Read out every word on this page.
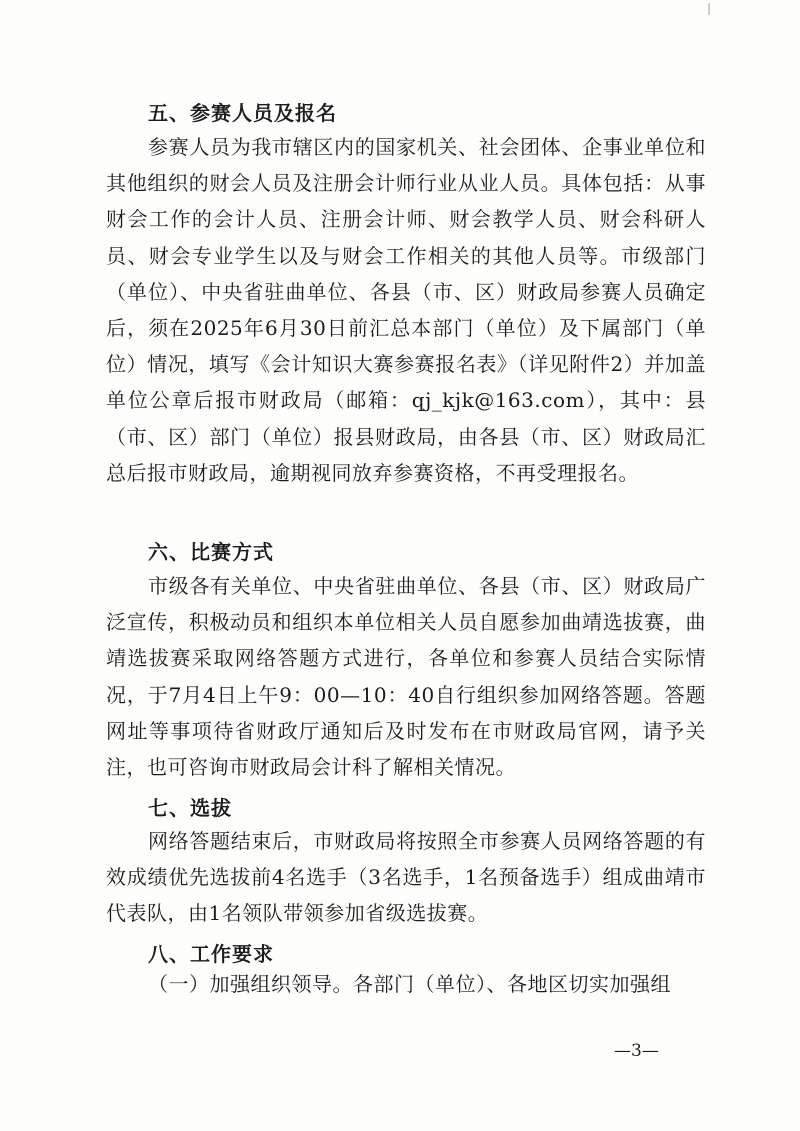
五、参赛人员及报名

参赛人员为我市辖区内的国家机关、社会团体、企事业单位和其他组织的财会人员及注册会计师行业从业人员。具体包括：从事财会工作的会计人员、注册会计师、财会教学人员、财会科研人员、财会专业学生以及与财会工作相关的其他人员等。市级部门（单位）、中央省驻曲单位、各县（市、区）财政局参赛人员确定后，须在2025年6月30日前汇总本部门（单位）及下属部门（单位）情况，填写《会计知识大赛参赛报名表》（详见附件2）并加盖单位公章后报市财政局（邮箱：qj_kjk@163.com），其中：县（市、区）部门（单位）报县财政局，由各县（市、区）财政局汇总后报市财政局，逾期视同放弃参赛资格，不再受理报名。

六、比赛方式

市级各有关单位、中央省驻曲单位、各县（市、区）财政局广泛宣传，积极动员和组织本单位相关人员自愿参加曲靖选拔赛，曲靖选拔赛采取网络答题方式进行，各单位和参赛人员结合实际情况，于7月4日上午9：00—10：40自行组织参加网络答题。答题网址等事项待省财政厅通知后及时发布在市财政局官网，请予关注，也可咨询市财政局会计科了解相关情况。

七、选拔

网络答题结束后，市财政局将按照全市参赛人员网络答题的有效成绩优先选拔前4名选手（3名选手，1名预备选手）组成曲靖市代表队，由1名领队带领参加省级选拔赛。

八、工作要求

（一）加强组织领导。各部门（单位）、各地区切实加强组

—3—
